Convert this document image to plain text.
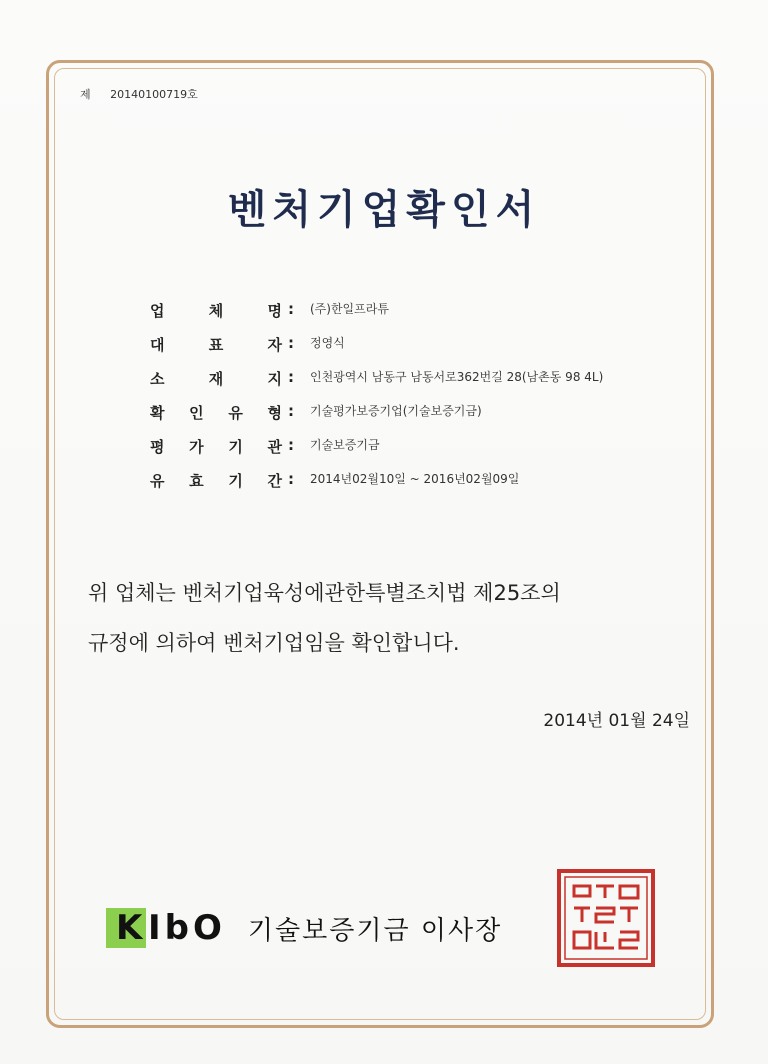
제 20140100719호
벤처기업확인서
업	체	명 : (주)한일프라튜
대	표	자 : 정영식
소	재	지 : 인천광역시 남동구 남동서로362번길 28(남촌동 98 4L)
확 인 유 형 : 기술평가보증기업(기술보증기금)
평 가 기 관 : 기술보증기금
유 효 기 간 : 2014년02월10일 ~ 2016년02월09일
위 업체는 벤처기업육성에관한특별조치법 제25조의
규정에 의하여 벤처기업임을 확인합니다.
2014년 01월 24일
K IbO 기술보증기금 이사장
